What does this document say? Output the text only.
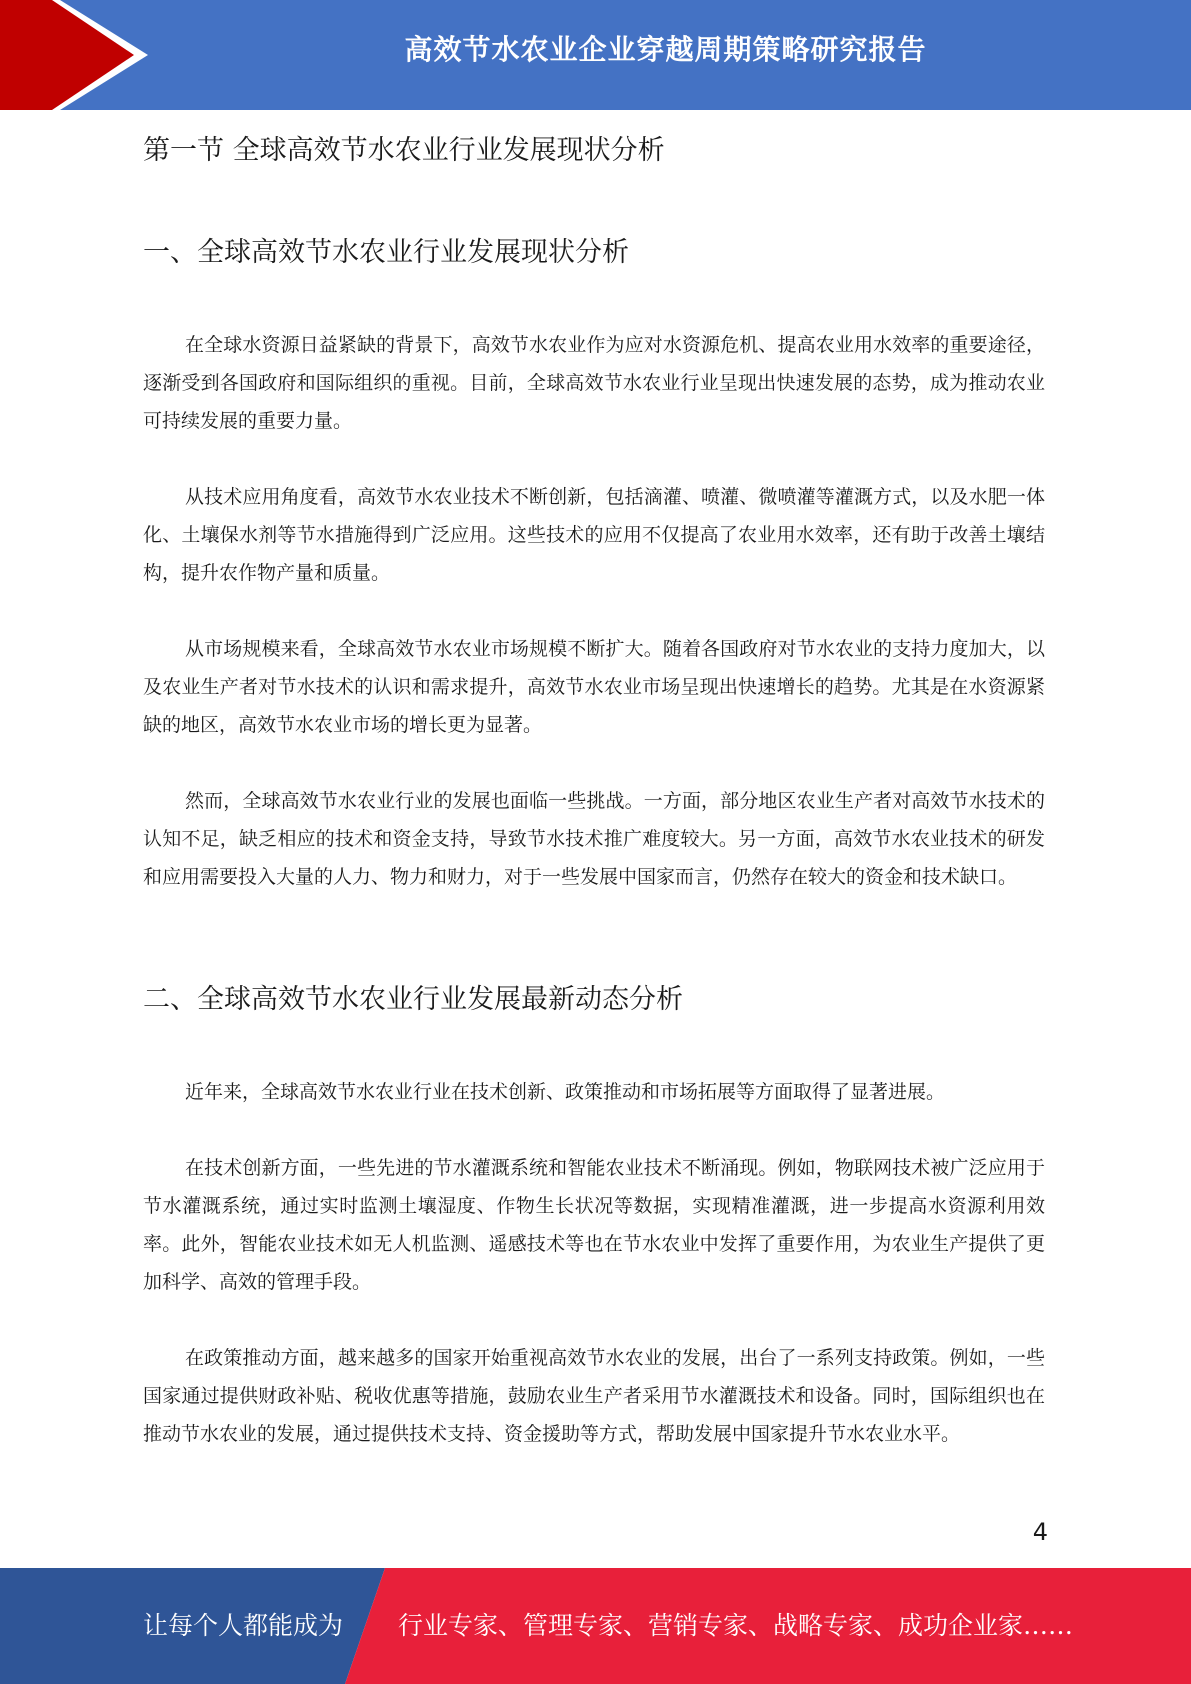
高效节水农业企业穿越周期策略研究报告
第一节 全球高效节水农业行业发展现状分析
一、全球高效节水农业行业发展现状分析

在全球水资源日益紧缺的背景下，高效节水农业作为应对水资源危机、提高农业用水效率的重要途径，逐渐受到各国政府和国际组织的重视。目前，全球高效节水农业行业呈现出快速发展的态势，成为推动农业可持续发展的重要力量。

从技术应用角度看，高效节水农业技术不断创新，包括滴灌、喷灌、微喷灌等灌溉方式，以及水肥一体化、土壤保水剂等节水措施得到广泛应用。这些技术的应用不仅提高了农业用水效率，还有助于改善土壤结构，提升农作物产量和质量。

从市场规模来看，全球高效节水农业市场规模不断扩大。随着各国政府对节水农业的支持力度加大，以及农业生产者对节水技术的认识和需求提升，高效节水农业市场呈现出快速增长的趋势。尤其是在水资源紧缺的地区，高效节水农业市场的增长更为显著。

然而，全球高效节水农业行业的发展也面临一些挑战。一方面，部分地区农业生产者对高效节水技术的认知不足，缺乏相应的技术和资金支持，导致节水技术推广难度较大。另一方面，高效节水农业技术的研发和应用需要投入大量的人力、物力和财力，对于一些发展中国家而言，仍然存在较大的资金和技术缺口。

二、全球高效节水农业行业发展最新动态分析

近年来，全球高效节水农业行业在技术创新、政策推动和市场拓展等方面取得了显著进展。

在技术创新方面，一些先进的节水灌溉系统和智能农业技术不断涌现。例如，物联网技术被广泛应用于节水灌溉系统，通过实时监测土壤湿度、作物生长状况等数据，实现精准灌溉，进一步提高水资源利用效率。此外，智能农业技术如无人机监测、遥感技术等也在节水农业中发挥了重要作用，为农业生产提供了更加科学、高效的管理手段。

在政策推动方面，越来越多的国家开始重视高效节水农业的发展，出台了一系列支持政策。例如，一些国家通过提供财政补贴、税收优惠等措施，鼓励农业生产者采用节水灌溉技术和设备。同时，国际组织也在推动节水农业的发展，通过提供技术支持、资金援助等方式，帮助发展中国家提升节水农业水平。

4
让每个人都能成为 行业专家、管理专家、营销专家、战略专家、成功企业家……
